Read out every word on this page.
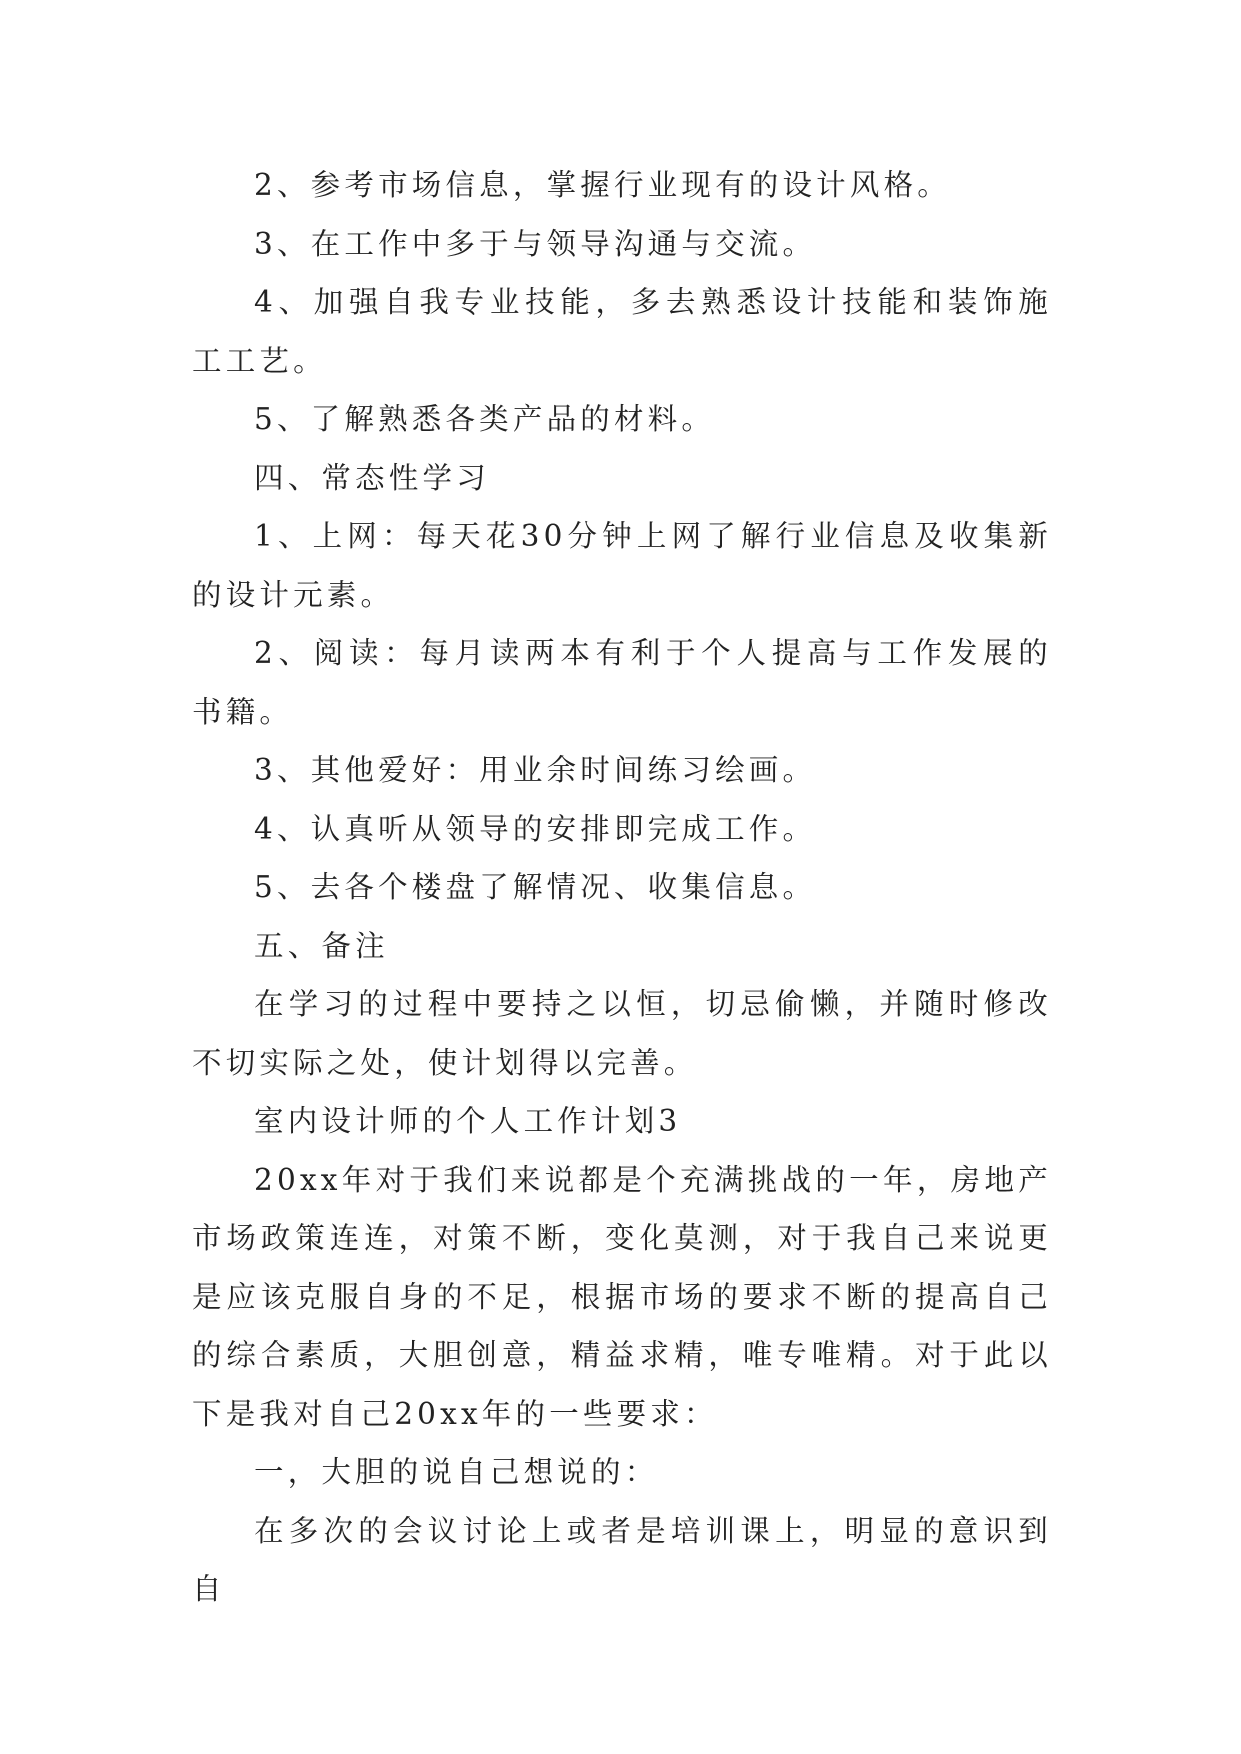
2、参考市场信息，掌握行业现有的设计风格。

3、在工作中多于与领导沟通与交流。

4、加强自我专业技能，多去熟悉设计技能和装饰施工工艺。

5、了解熟悉各类产品的材料。

四、常态性学习

1、上网：每天花30分钟上网了解行业信息及收集新的设计元素。

2、阅读：每月读两本有利于个人提高与工作发展的书籍。

3、其他爱好：用业余时间练习绘画。

4、认真听从领导的安排即完成工作。

5、去各个楼盘了解情况、收集信息。

五、备注

在学习的过程中要持之以恒，切忌偷懒，并随时修改不切实际之处，使计划得以完善。

室内设计师的个人工作计划3

20xx年对于我们来说都是个充满挑战的一年，房地产市场政策连连，对策不断，变化莫测，对于我自己来说更是应该克服自身的不足，根据市场的要求不断的提高自己的综合素质，大胆创意，精益求精，唯专唯精。对于此以下是我对自己20xx年的一些要求：

一，大胆的说自己想说的：

在多次的会议讨论上或者是培训课上，明显的意识到自
